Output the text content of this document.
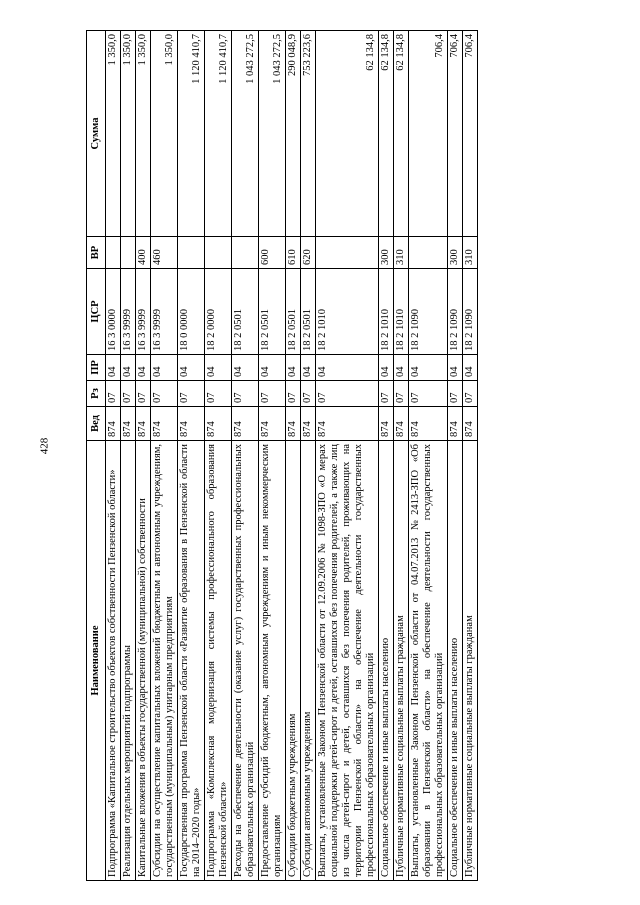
428
Наименование	Вед	Рз	ПР	ЦСР	ВР	Сумма
Подпрограмма «Капитальное строительство объектов собственности Пензенской области»	874	07	04	16 3 0000		1 350,0
Реализация отдельных мероприятий подпрограммы	874	07	04	16 3 9999		1 350,0
Капитальные вложения в объекты государственной (муниципальной) собственности	874	07	04	16 3 9999	400	1 350,0
Субсидии на осуществление капитальных вложений бюджетным и автономным учреждениям, государственным (муниципальным) унитарным предприятиям	874	07	04	16 3 9999	460	1 350,0
Государственная программа Пензенской области «Развитие образования в Пензенской области на 2014–2020 годы»	874	07	04	18 0 0000		1 120 410,7
Подпрограмма «Комплексная модернизация системы профессионального образования Пензенской области»	874	07	04	18 2 0000		1 120 410,7
Расходы на обеспечение деятельности (оказание услуг) государственных профессиональных образовательных организаций	874	07	04	18 2 0501		1 043 272,5
Предоставление субсидий бюджетным, автономным учреждениям и иным некоммерческим организациям	874	07	04	18 2 0501	600	1 043 272,5
Субсидии бюджетным учреждениям	874	07	04	18 2 0501	610	290 048,9
Субсидии автономным учреждениям	874	07	04	18 2 0501	620	753 223,6
Выплаты, установленные Законом Пензенской области от 12.09.2006 № 1098-ЗПО «О мерах социальной поддержки детей-сирот и детей, оставшихся без попечения родителей, а также лиц из числа детей-сирот и детей, оставшихся без попечения родителей, проживающих на территории Пензенской области» на обеспечение деятельности государственных профессиональных образовательных организаций	874	07	04	18 2 1010		62 134,8
Социальное обеспечение и иные выплаты населению	874	07	04	18 2 1010	300	62 134,8
Публичные нормативные социальные выплаты гражданам	874	07	04	18 2 1010	310	62 134,8
Выплаты, установленные Законом Пензенской области от 04.07.2013 №2413-ЗПО «Об образовании в Пензенской области» на обеспечение деятельности государственных профессиональных образовательных организаций	874	07	04	18 2 1090		706,4
Социальное обеспечение и иные выплаты населению	874	07	04	18 2 1090	300	706,4
Публичные нормативные социальные выплаты гражданам	874	07	04	18 2 1090	310	706,4
